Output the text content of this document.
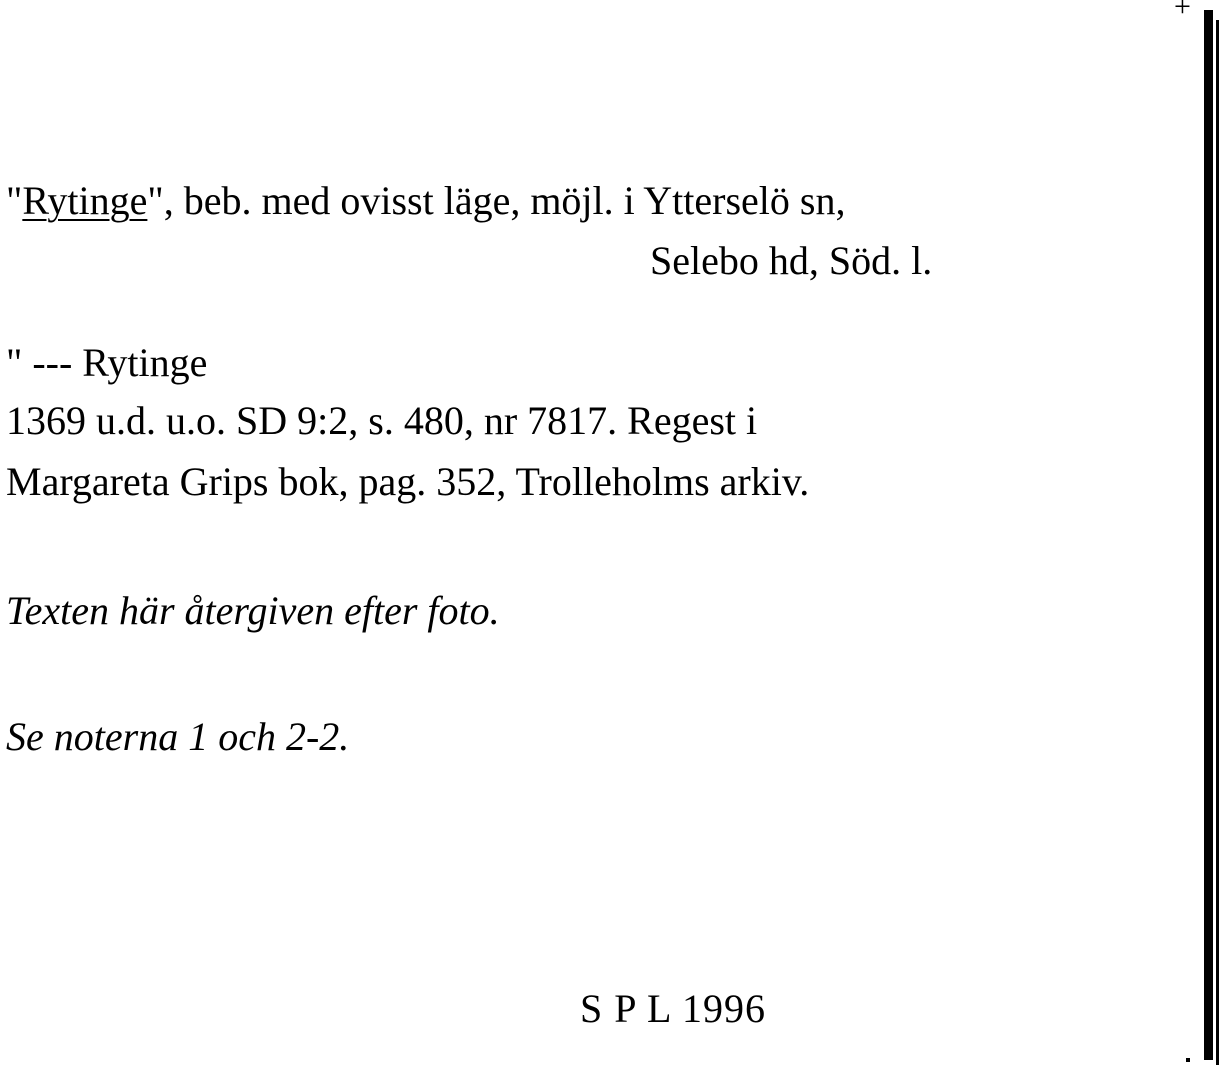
"Rytinge", beb. med ovisst läge, möjl. i Ytterselö sn,
Selebo hd, Söd. l.
" --- Rytinge
1369 u.d. u.o. SD 9:2, s. 480, nr 7817. Regest i
Margareta Grips bok, pag. 352, Trolleholms arkiv.
Texten här återgiven efter foto.
Se noterna 1 och 2-2.
S P L 1996
+
